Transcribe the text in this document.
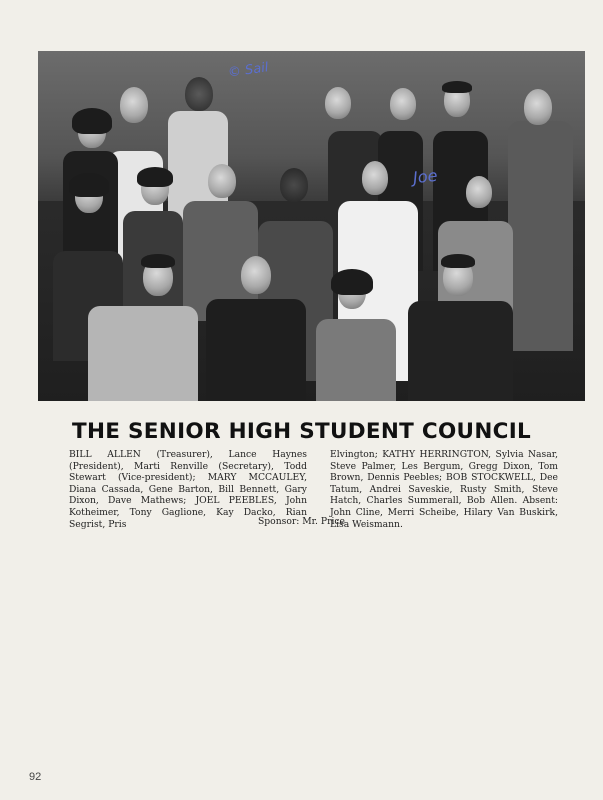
© Sail
Joe
THE SENIOR HIGH STUDENT COUNCIL
BILL ALLEN (Treasurer), Lance Haynes (President), Marti Renville (Secretary), Todd Stewart (Vice-president); MARY MCCAULEY, Diana Cassada, Gene Barton, Bill Bennett, Gary Dixon, Dave Mathews; JOEL PEEBLES, John Kotheimer, Tony Gaglione, Kay Dacko, Rian Segrist, Pris
Elvington; KATHY HERRINGTON, Sylvia Nasar, Steve Palmer, Les Bergum, Gregg Dixon, Tom Brown, Dennis Peebles; BOB STOCKWELL, Dee Tatum, Andrei Saveskie, Rusty Smith, Steve Hatch, Charles Summerall, Bob Allen. Absent: John Cline, Merri Scheibe, Hilary Van Buskirk, Lisa Weismann.
Sponsor: Mr. Price
92
